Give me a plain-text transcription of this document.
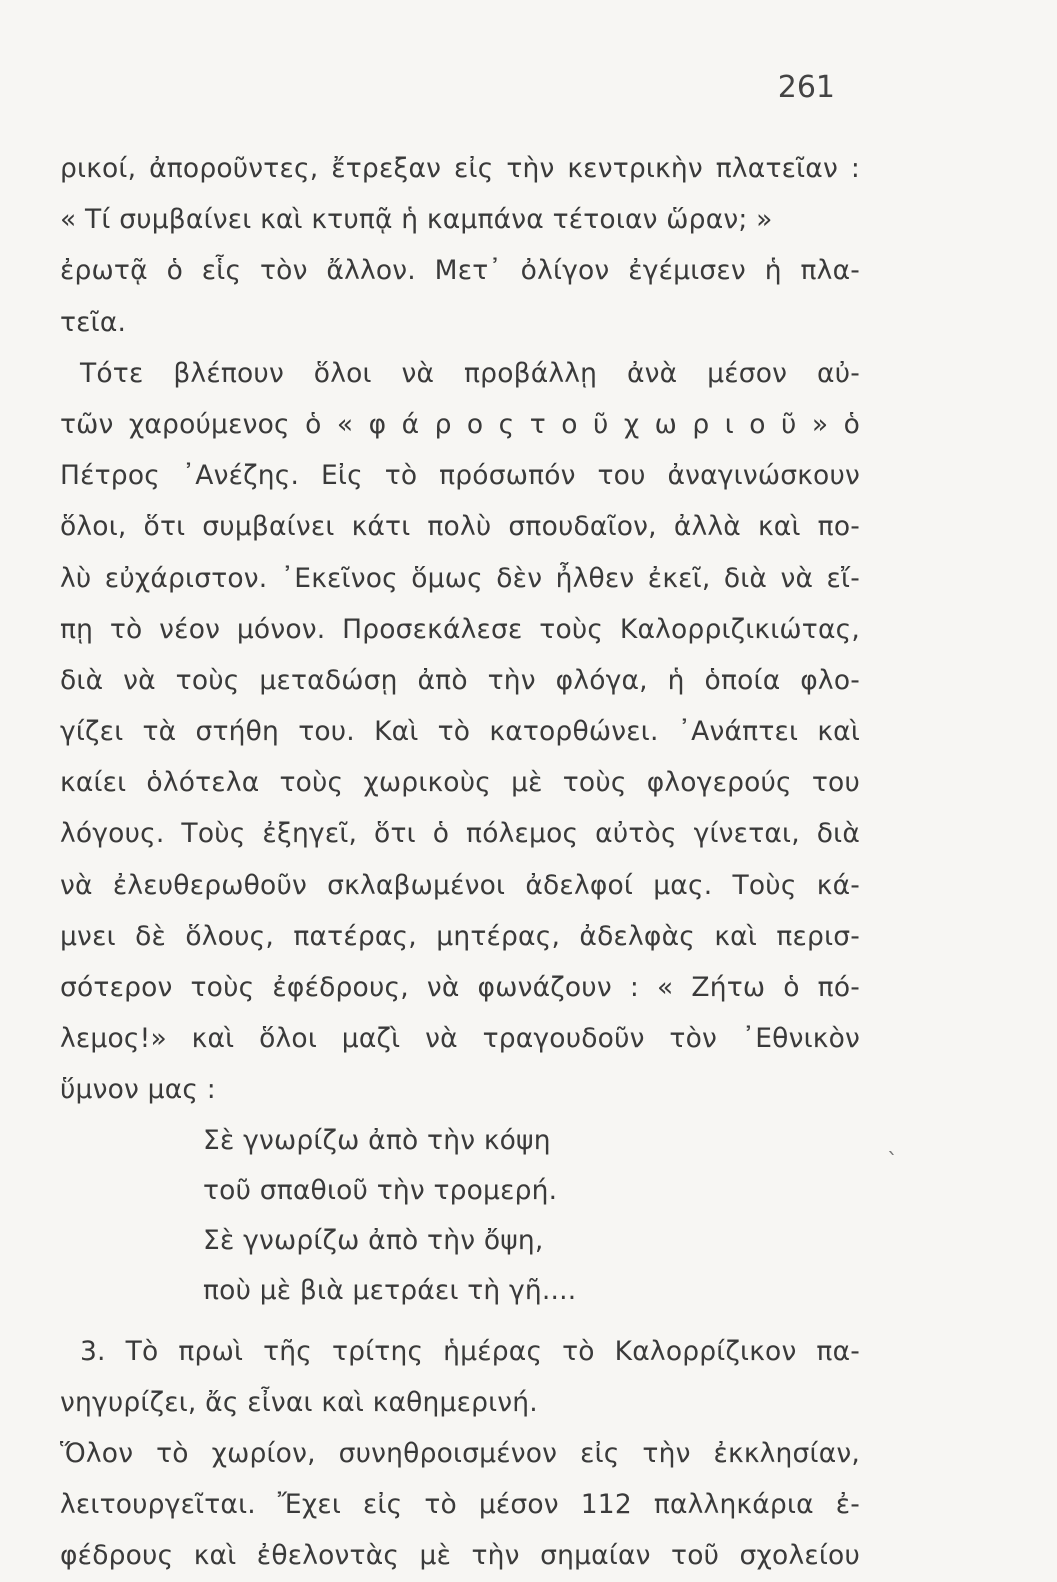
261
ρικοί, ἀποροῦντες, ἔτρεξαν εἰς τὴν κεντρικὴν πλατεῖαν :
« Τί συμβαίνει καὶ κτυπᾷ ἡ καμπάνα τέτοιαν ὥραν; »
ἐρωτᾷ ὁ εἷς τὸν ἄλλον. Μετ᾽ ὀλίγον ἐγέμισεν ἡ πλα-
τεῖα.
Τότε βλέπουν ὅλοι νὰ προβάλλῃ ἀνὰ μέσον αὐ-
τῶν χαρούμενος ὁ « φ ά ρ ο ς τ ο ῦ χ ω ρ ι ο ῦ » ὁ
Πέτρος ᾿Ανέζης. Εἰς τὸ πρόσωπόν του ἀναγινώσκουν
ὅλοι, ὅτι συμβαίνει κάτι πολὺ σπουδαῖον, ἀλλὰ καὶ πο-
λὺ εὐχάριστον. ᾿Εκεῖνος ὅμως δὲν ἦλθεν ἐκεῖ, διὰ νὰ εἴ-
πῃ τὸ νέον μόνον. Προσεκάλεσε τοὺς Καλορριζικιώτας,
διὰ νὰ τοὺς μεταδώσῃ ἀπὸ τὴν φλόγα, ἡ ὁποία φλο-
γίζει τὰ στήθη του. Καὶ τὸ κατορθώνει. ᾿Ανάπτει καὶ
καίει ὁλότελα τοὺς χωρικοὺς μὲ τοὺς φλογερούς του
λόγους. Τοὺς ἐξηγεῖ, ὅτι ὁ πόλεμος αὐτὸς γίνεται, διὰ
νὰ ἐλευθερωθοῦν σκλαβωμένοι ἀδελφοί μας. Τοὺς κά-
μνει δὲ ὅλους, πατέρας, μητέρας, ἀδελφὰς καὶ περισ-
σότερον τοὺς ἐφέδρους, νὰ φωνάζουν : « Ζήτω ὁ πό-
λεμος!» καὶ ὅλοι μαζὶ νὰ τραγουδοῦν τὸν ᾿Εθνικὸν
ὕμνον μας :
Σὲ γνωρίζω ἀπὸ τὴν κόψη
τοῦ σπαθιοῦ τὴν τρομερή.
Σὲ γνωρίζω ἀπὸ τὴν ὄψη,
ποὺ μὲ βιὰ μετράει τὴ γῆ....
3. Τὸ πρωὶ τῆς τρίτης ἡμέρας τὸ Καλορρίζικον πα-
νηγυρίζει, ἄς εἶναι καὶ καθημερινή.
Ὅλον τὸ χωρίον, συνηθροισμένον εἰς τὴν ἐκκλησίαν,
λειτουργεῖται. Ἔχει εἰς τὸ μέσον 112 παλληκάρια ἐ-
φέδρους καὶ ἐθελοντὰς μὲ τὴν σημαίαν τοῦ σχολείου
`
